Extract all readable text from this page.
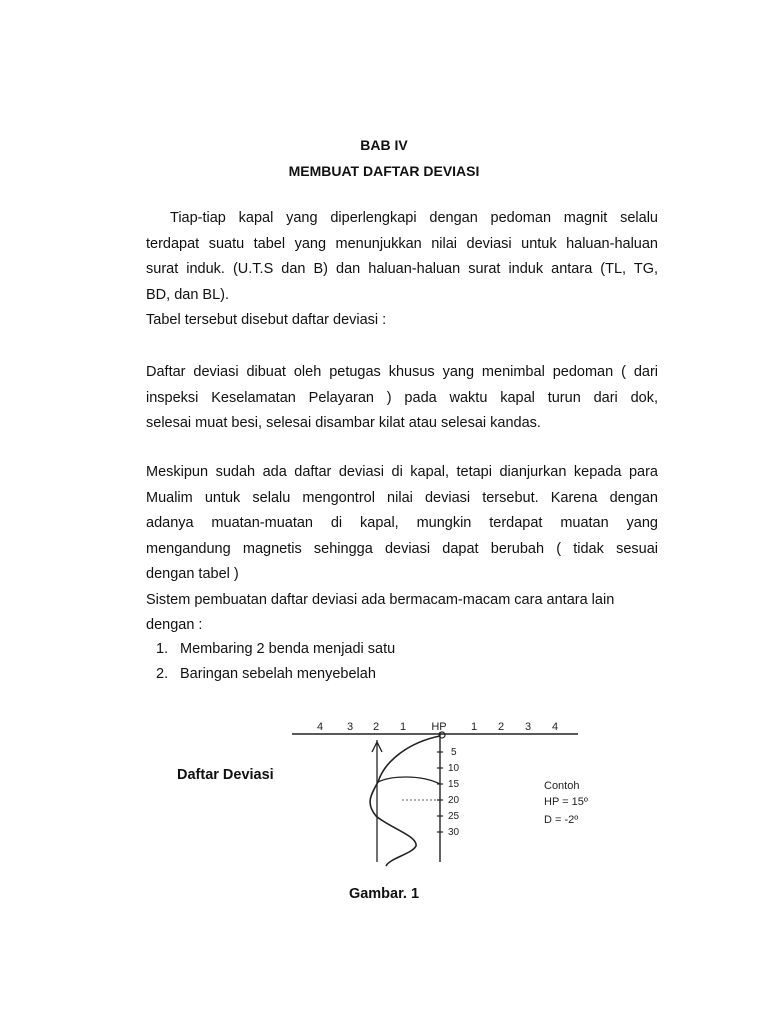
BAB IV
MEMBUAT DAFTAR DEVIASI
Tiap-tiap kapal yang diperlengkapi dengan pedoman magnit selalu
terdapat suatu tabel yang menunjukkan nilai deviasi untuk haluan-haluan
surat induk. (U.T.S dan B) dan haluan-haluan surat induk antara (TL, TG,
BD, dan BL).
Tabel tersebut disebut daftar deviasi :
Daftar deviasi dibuat oleh petugas khusus yang menimbal pedoman ( dari
inspeksi Keselamatan Pelayaran ) pada waktu kapal turun dari dok,
selesai muat besi, selesai disambar kilat atau selesai kandas.
Meskipun sudah ada daftar deviasi di kapal, tetapi dianjurkan kepada para
Mualim untuk selalu mengontrol nilai deviasi tersebut. Karena dengan
adanya muatan-muatan di kapal, mungkin terdapat muatan yang
mengandung magnetis sehingga deviasi dapat berubah ( tidak sesuai
dengan tabel )
Sistem pembuatan daftar deviasi ada bermacam-macam cara antara lain
dengan :
1. Membaring 2 benda menjadi satu
2. Baringan sebelah menyebelah
Daftar Deviasi
4 3 2 1 HP 1 2 3 4
5
10
15
20
25
30
Contoh
HP = 15º
D = -2º
Gambar. 1
